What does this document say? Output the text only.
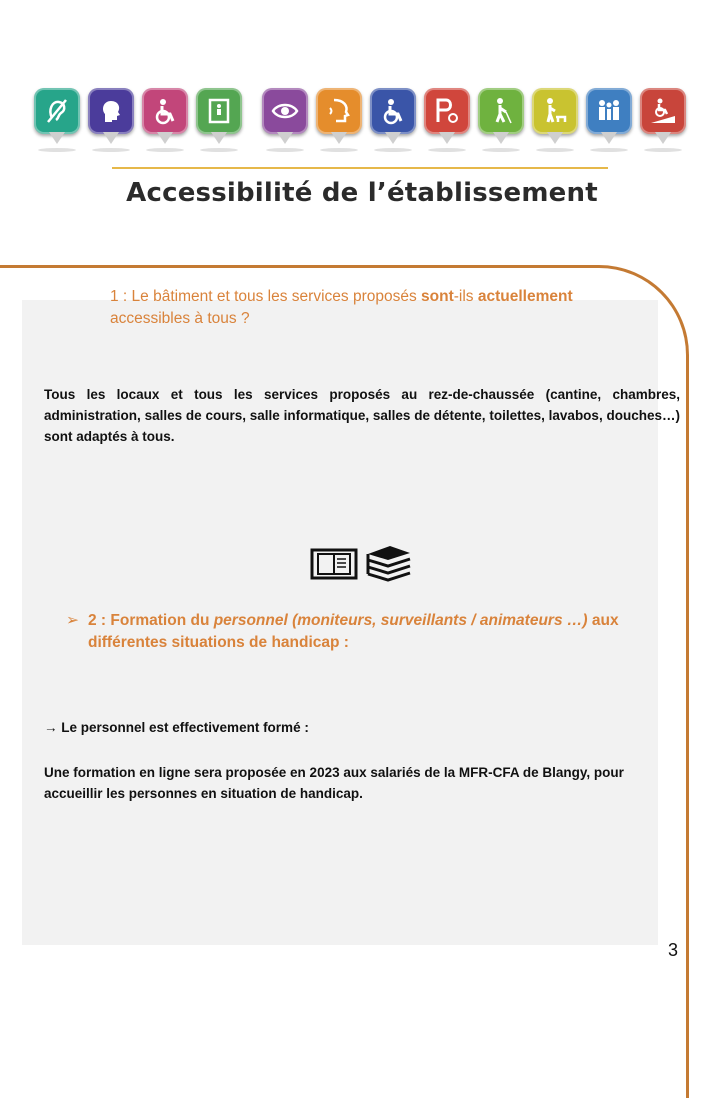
Accessibilité de l’établissement
1 : Le bâtiment et tous les services proposés sont-ils actuellement accessibles à tous ?
Tous les locaux et tous les services proposés au rez-de-chaussée (cantine, chambres, administration, salles de cours, salle informatique, salles de détente, toilettes, lavabos, douches…) sont adaptés à tous.
➢ 2 : Formation du personnel (moniteurs, surveillants / animateurs …) aux différentes situations de handicap :
→ Le personnel est effectivement formé :
Une formation en ligne sera proposée en 2023 aux salariés de la MFR-CFA de Blangy, pour accueillir les personnes en situation de handicap.
3
